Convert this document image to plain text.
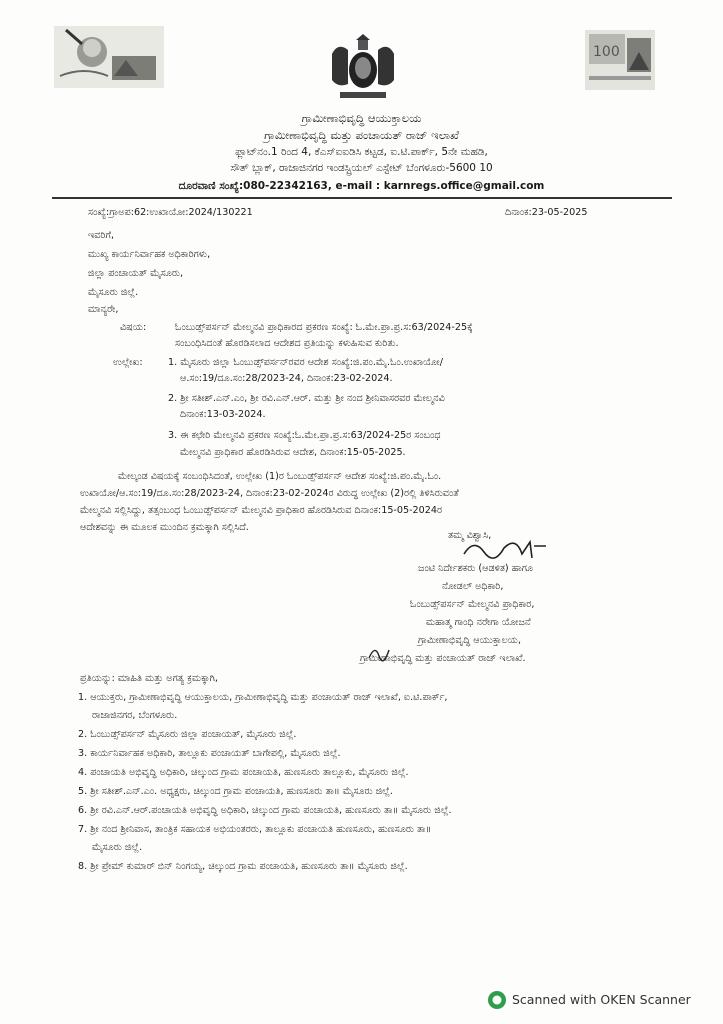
100
ಗ್ರಾಮೀಣಾಭಿವೃದ್ಧಿ ಆಯುಕ್ತಾಲಯ
ಗ್ರಾಮೀಣಾಭಿವೃದ್ಧಿ ಮತ್ತು ಪಂಚಾಯತ್ ರಾಜ್ ಇಲಾಖೆ
ಫ್ಲಾಟ್‌ನಂ.1 ರಿಂದ 4, ಕೆಎಸ್‌ಐಐಡಿಸಿ ಕಟ್ಟಡ, ಐ.ಟಿ.ಪಾರ್ಕ್, 5ನೇ ಮಹಡಿ,
ಸೌತ್ ಬ್ಲಾಕ್, ರಾಜಾಜಿನಗರ ಇಂಡಸ್ಟ್ರಿಯಲ್ ಎಸ್ಟೇಟ್ ಬೆಂಗಳೂರು-5600 10
ದೂರವಾಣಿ ಸಂಖ್ಯೆ:080-22342163, e-mail : karnregs.office@gmail.com
ಸಂಖ್ಯೆ:ಗ್ರಾಅಪ:62:ಉಖಾಯೋ:2024/130221	ದಿನಾಂಕ:23-05-2025
ಇವರಿಗೆ,
ಮುಖ್ಯ ಕಾರ್ಯನಿರ್ವಾಹಕ ಅಧಿಕಾರಿಗಳು,
ಜಿಲ್ಲಾ ಪಂಚಾಯತ್ ಮೈಸೂರು,
ಮೈಸೂರು ಜಿಲ್ಲೆ.
ಮಾನ್ಯರೇ,
ವಿಷಯ:	ಓಂಬುಡ್ಸ್‌ಪರ್ಸನ್ ಮೇಲ್ಮನವಿ ಪ್ರಾಧಿಕಾರದ ಪ್ರಕರಣ ಸಂಖ್ಯೆ: ಓ.ಮೇ.ಪ್ರಾ.ಪ್ರ.ಸ:63/2024-25ಕ್ಕೆ
ಸಂಬಂಧಿಸಿದಂತೆ ಹೊರಡಿಸಲಾದ ಆದೇಶದ ಪ್ರತಿಯನ್ನು ಕಳುಹಿಸುವ ಕುರಿತು.
ಉಲ್ಲೇಖ:	1. ಮೈಸೂರು ಜಿಲ್ಲಾ ಓಂಬುಡ್ಸ್‌ಪರ್ಸನ್‌ರವರ ಆದೇಶ ಸಂಖ್ಯೆ:ಜಿ.ಪಂ.ಮೈ.ಓಂ.ಉಖಾಯೋ/
ಆ.ಸಂ:19/ದೂ.ಸಂ:28/2023-24, ದಿನಾಂಕ:23-02-2024.
2. ಶ್ರೀ ಸತೀಶ್.ಎನ್.ಎಂ, ಶ್ರೀ ರವಿ.ಎನ್.ಆರ್. ಮತ್ತು ಶ್ರೀ ನಂದ ಶ್ರೀನಿವಾಸರವರ ಮೇಲ್ಮನವಿ
ದಿನಾಂಕ:13-03-2024.
3. ಈ ಕಛೇರಿ ಮೇಲ್ಮನವಿ ಪ್ರಕರಣ ಸಂಖ್ಯೆ:ಓ.ಮೇ.ಪ್ರಾ.ಪ್ರ.ಸ:63/2024-25ರ ಸಂಬಂಧ
ಮೇಲ್ಮನವಿ ಪ್ರಾಧಿಕಾರ ಹೊರಡಿಸಿರುವ ಆದೇಶ, ದಿನಾಂಕ:15-05-2025.
ಮೇಲ್ಕಂಡ ವಿಷಯಕ್ಕೆ ಸಂಬಂಧಿಸಿದಂತೆ, ಉಲ್ಲೇಖ (1)ರ ಓಂಬುಡ್ಸ್‌ಪರ್ಸನ್ ಆದೇಶ ಸಂಖ್ಯೆ:ಜಿ.ಪಂ.ಮೈ.ಓಂ.
ಉಖಾಯೋ/ಆ.ಸಂ:19/ದೂ.ಸಂ:28/2023-24, ದಿನಾಂಕ:23-02-2024ರ ವಿರುದ್ಧ ಉಲ್ಲೇಖ (2)ರಲ್ಲಿ ತಿಳಿಸಿರುವಂತೆ
ಮೇಲ್ಮನವಿ ಸಲ್ಲಿಸಿದ್ದು, ತತ್ಸಂಬಂಧ ಓಂಬುಡ್ಸ್‌ಪರ್ಸನ್ ಮೇಲ್ಮನವಿ ಪ್ರಾಧಿಕಾರ ಹೊರಡಿಸಿರುವ ದಿನಾಂಕ:15-05-2024ರ
ಆದೇಶವನ್ನು ಈ ಮೂಲಕ ಮುಂದಿನ ಕ್ರಮಕ್ಕಾಗಿ ಸಲ್ಲಿಸಿದೆ.
ತಮ್ಮ ವಿಶ್ವಾಸಿ,
ಜಂಟಿ ನಿರ್ದೇಶಕರು (ಆಡಳಿತ) ಹಾಗೂ
ನೋಡಲ್ ಅಧಿಕಾರಿ,
ಓಂಬುಡ್ಸ್‌ಪರ್ಸನ್ ಮೇಲ್ಮನವಿ ಪ್ರಾಧಿಕಾರ,
ಮಹಾತ್ಮ ಗಾಂಧಿ ನರೇಗಾ ಯೋಜನೆ
ಗ್ರಾಮೀಣಾಭಿವೃದ್ಧಿ ಆಯುಕ್ತಾಲಯ,
ಗ್ರಾಮೀಣಾಭಿವೃದ್ಧಿ ಮತ್ತು ಪಂಚಾಯತ್ ರಾಜ್ ಇಲಾಖೆ.
ಪ್ರತಿಯನ್ನು: ಮಾಹಿತಿ ಮತ್ತು ಅಗತ್ಯ ಕ್ರಮಕ್ಕಾಗಿ,
1. ಆಯುಕ್ತರು, ಗ್ರಾಮೀಣಾಭಿವೃದ್ಧಿ ಆಯುಕ್ತಾಲಯ, ಗ್ರಾಮೀಣಾಭಿವೃದ್ಧಿ ಮತ್ತು ಪಂಚಾಯತ್ ರಾಜ್ ಇಲಾಖೆ, ಐ.ಟಿ.ಪಾರ್ಕ್,
ರಾಜಾಜಿನಗರ, ಬೆಂಗಳೂರು.
2. ಓಂಬುಡ್ಸ್‌ಪರ್ಸನ್ ಮೈಸೂರು ಜಿಲ್ಲಾ ಪಂಚಾಯತ್, ಮೈಸೂರು ಜಿಲ್ಲೆ.
3. ಕಾರ್ಯನಿರ್ವಾಹಕ ಅಧಿಕಾರಿ, ತಾಲ್ಲೂಕು ಪಂಚಾಯತ್ ಬಾಗೇಪಲ್ಲಿ, ಮೈಸೂರು ಜಿಲ್ಲೆ.
4. ಪಂಚಾಯತಿ ಅಭಿವೃದ್ಧಿ ಅಧಿಕಾರಿ, ಚಿಲ್ಕುಂದ ಗ್ರಾಮ ಪಂಚಾಯತಿ, ಹುಣಸೂರು ತಾಲ್ಲೂಕು, ಮೈಸೂರು ಜಿಲ್ಲೆ.
5. ಶ್ರೀ ಸತೀಶ್.ಎನ್.ಎಂ. ಅಧ್ಯಕ್ಷರು, ಚಿಲ್ಕುಂದ ಗ್ರಾಮ ಪಂಚಾಯತಿ, ಹುಣಸೂರು ತಾ॥ ಮೈಸೂರು ಜಿಲ್ಲೆ.
6. ಶ್ರೀ ರವಿ.ಎನ್.ಆರ್.ಪಂಚಾಯತಿ ಅಭಿವೃದ್ಧಿ ಅಧಿಕಾರಿ, ಚಿಲ್ಕುಂದ ಗ್ರಾಮ ಪಂಚಾಯತಿ, ಹುಣಸೂರು ತಾ॥ ಮೈಸೂರು ಜಿಲ್ಲೆ.
7. ಶ್ರೀ ನಂದ ಶ್ರೀನಿವಾಸ, ತಾಂತ್ರಿಕ ಸಹಾಯಕ ಅಭಿಯಂತರರು, ತಾಲ್ಲೂಕು ಪಂಚಾಯತಿ ಹುಣಸೂರು, ಹುಣಸೂರು ತಾ॥
ಮೈಸೂರು ಜಿಲ್ಲೆ.
8. ಶ್ರೀ ಪ್ರೇಮ್ ಕುಮಾರ್ ಬಿನ್ ನಿಂಗಯ್ಯ, ಚಿಲ್ಕುಂದ ಗ್ರಾಮ ಪಂಚಾಯತಿ, ಹುಣಸೂರು ತಾ॥ ಮೈಸೂರು ಜಿಲ್ಲೆ.
Scanned with OKEN Scanner
